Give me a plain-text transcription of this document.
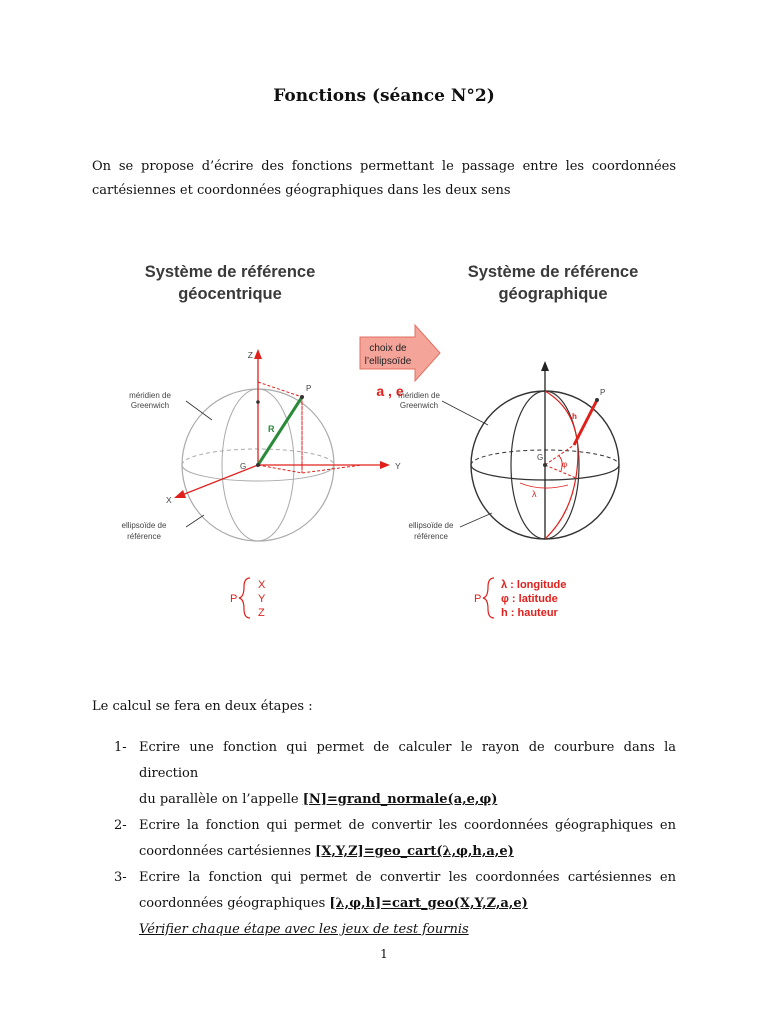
Fonctions (séance N°2)
On se propose d’écrire des fonctions permettant le passage entre les coordonnées
cartésiennes et coordonnées géographiques dans les deux sens
Système de référence
géocentrique
Z
Y
X
P
G
R
méridien de
Greenwich
ellipsoïde de
référence
P
X
Y
Z
choix de
l’ellipsoïde
a , e
Système de référence
géographique
P
G
h
φ
λ
méridien de
Greenwich
ellipsoïde de
référence
P
λ : longitude
φ : latitude
h : hauteur
Le calcul se fera en deux étapes :
1- Ecrire une fonction qui permet de calculer le rayon de courbure dans la direction
du parallèle on l’appelle [N]=grand_normale(a,e,φ)
2- Ecrire la fonction qui permet de convertir les coordonnées géographiques en
coordonnées cartésiennes [X,Y,Z]=geo_cart(λ,φ,h,a,e)
3- Ecrire la fonction qui permet de convertir les coordonnées cartésiennes en
coordonnées géographiques [λ,φ,h]=cart_geo(X,Y,Z,a,e)
Vérifier chaque étape avec les jeux de test fournis
1
